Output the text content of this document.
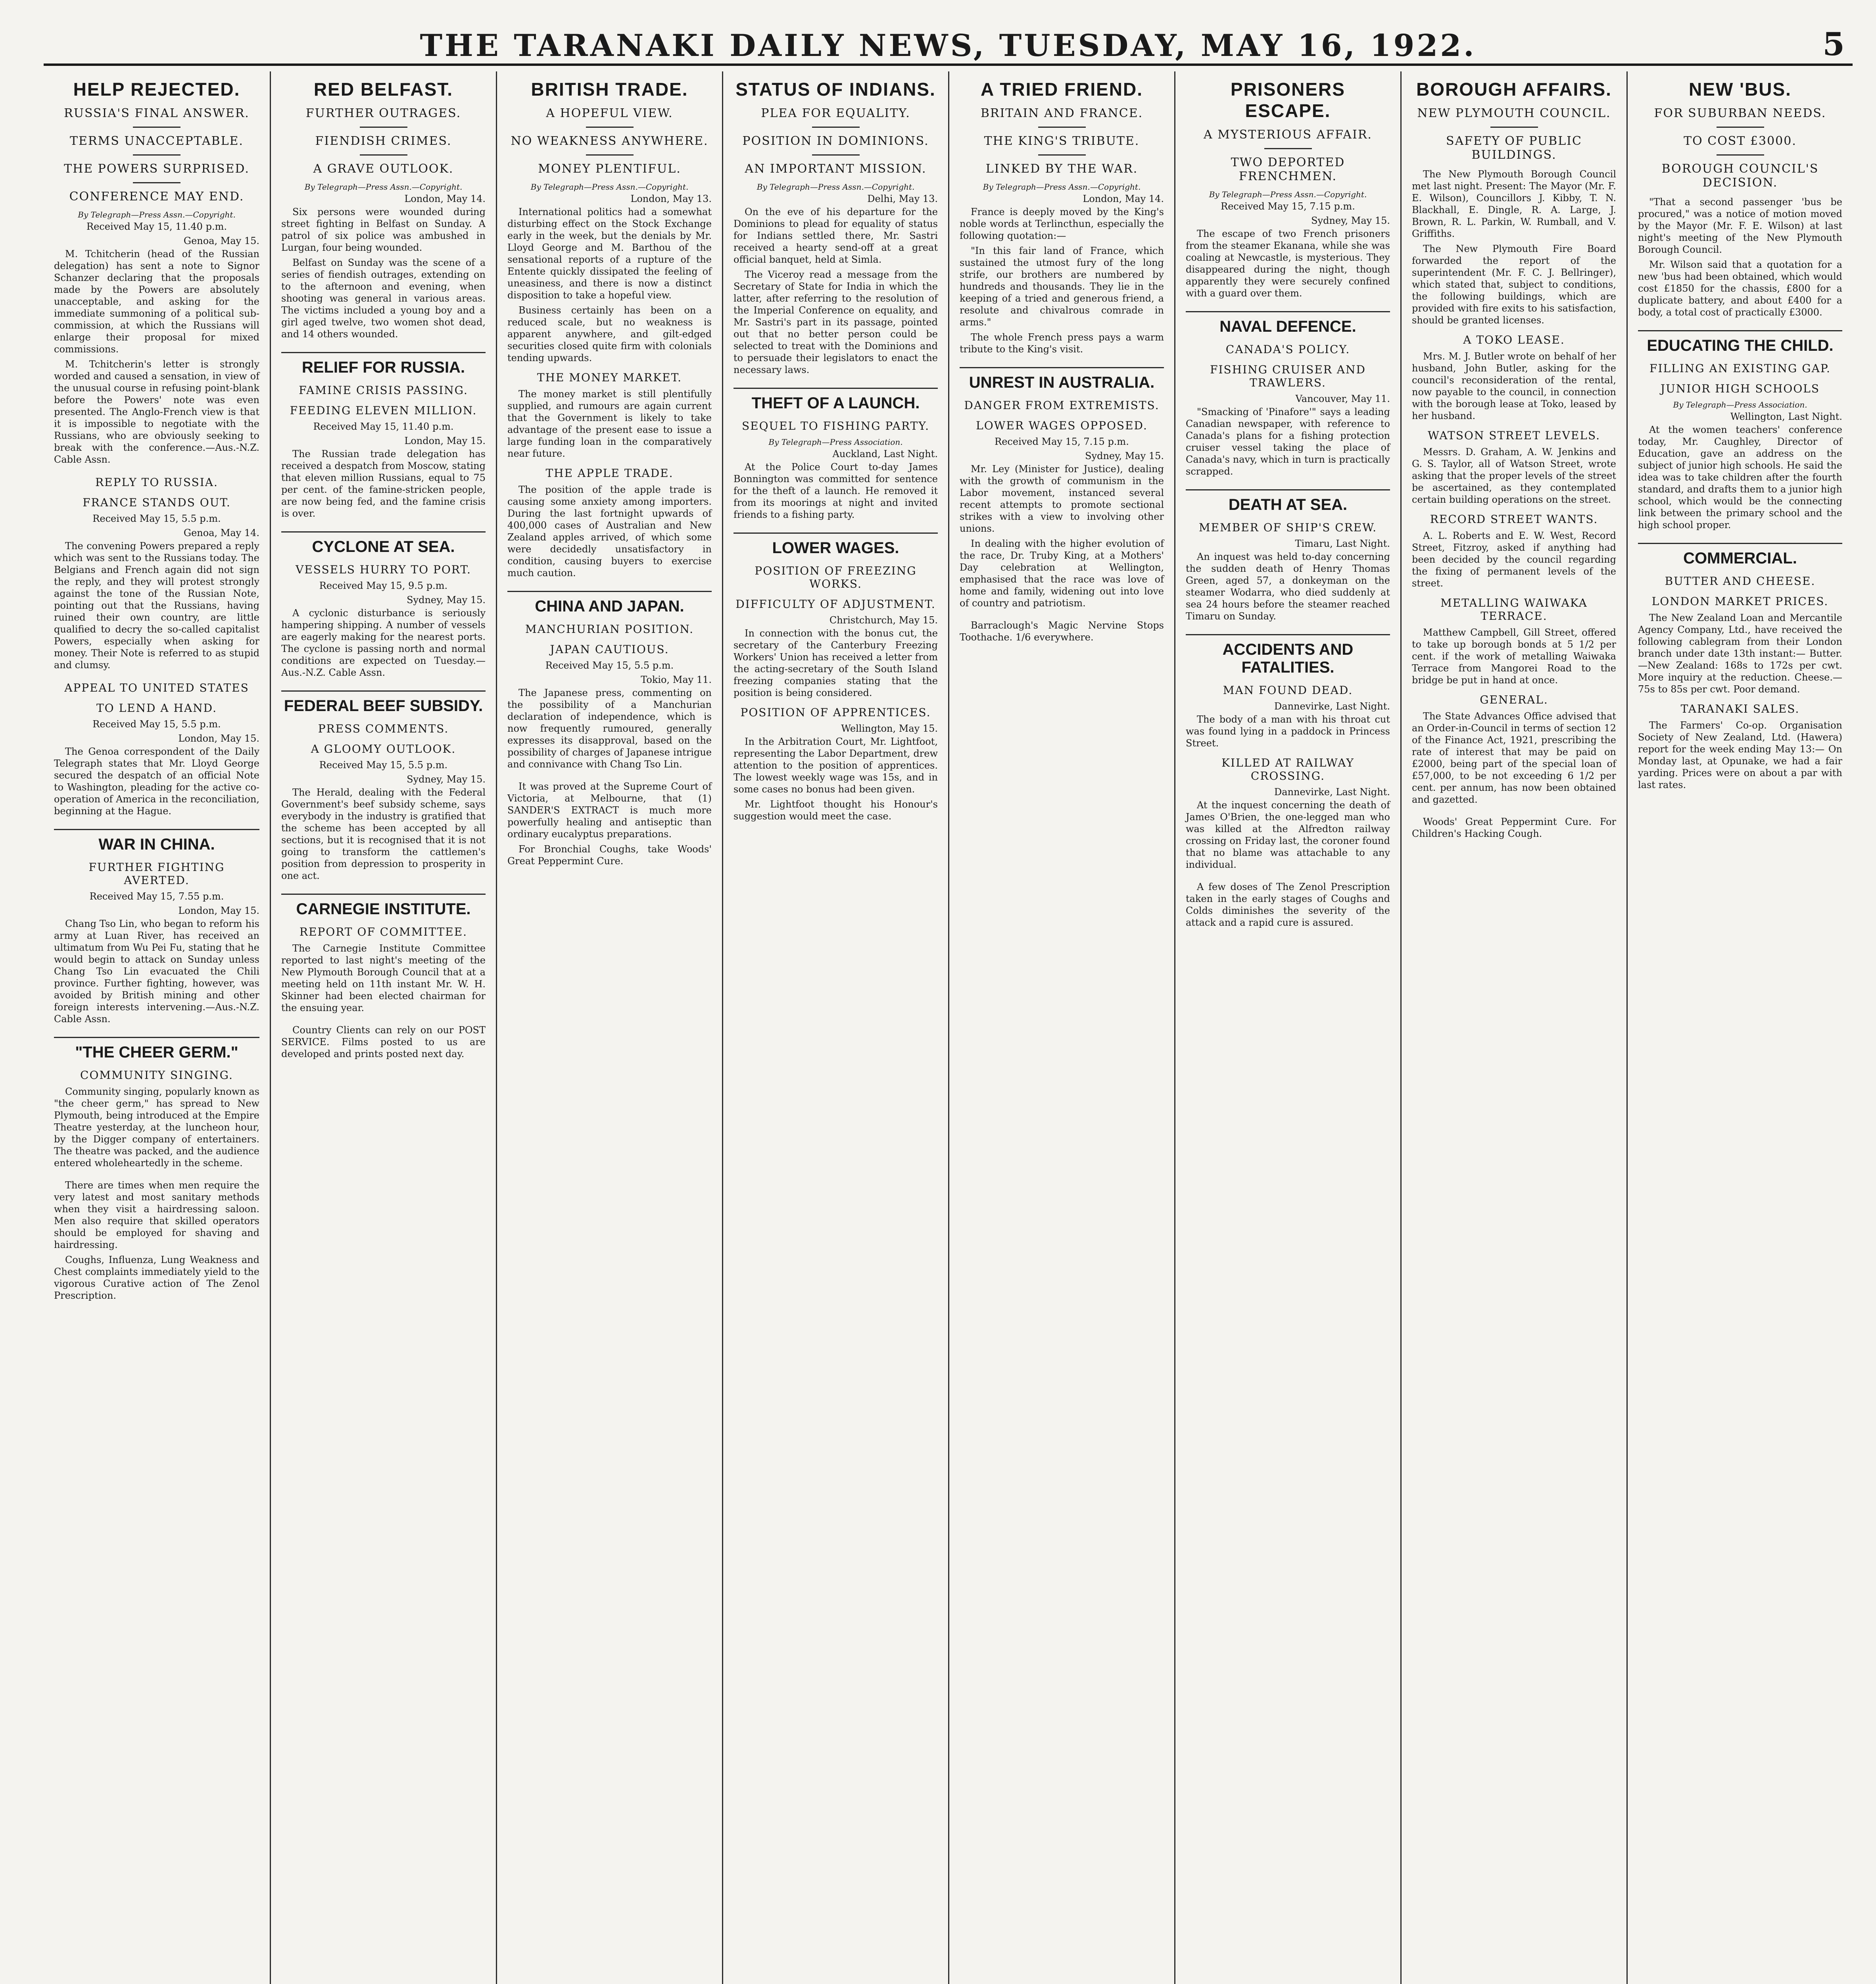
THE TARANAKI DAILY NEWS, TUESDAY, MAY 16, 1922.	5
HELP REJECTED.
RUSSIA'S FINAL ANSWER.
TERMS UNACCEPTABLE.
THE POWERS SURPRISED.
CONFERENCE MAY END.
By Telegraph—Press Assn.—Copyright.
Received May 15, 11.40 p.m.
Genoa, May 15.

M. Tchitcherin (head of the Russian delegation) has sent a note to Signor Schanzer declaring that the proposals made by the Powers are absolutely unacceptable, and asking for the immediate summoning of a political sub-commission, at which the Russians will enlarge their proposal for mixed commissions.

M. Tchitcherin's letter is strongly worded and caused a sensation, in view of the unusual course in refusing point-blank before the Powers' note was even presented. The Anglo-French view is that it is impossible to negotiate with the Russians, who are obviously seeking to break with the conference.—Aus.-N.Z. Cable Assn.

REPLY TO RUSSIA.
FRANCE STANDS OUT.
Received May 15, 5.5 p.m.
Genoa, May 14.

The convening Powers prepared a reply which was sent to the Russians today. The Belgians and French again did not sign the reply, and they will protest strongly against the tone of the Russian Note, pointing out that the Russians, having ruined their own country, are little qualified to decry the so-called capitalist Powers, especially when asking for money. Their Note is referred to as stupid and clumsy.

APPEAL TO UNITED STATES
TO LEND A HAND.
Received May 15, 5.5 p.m.
London, May 15.

The Genoa correspondent of the Daily Telegraph states that Mr. Lloyd George secured the despatch of an official Note to Washington, pleading for the active co-operation of America in the reconciliation, beginning at the Hague.

WAR IN CHINA.
FURTHER FIGHTING AVERTED.
Received May 15, 7.55 p.m.
London, May 15.

Chang Tso Lin, who began to reform his army at Luan River, has received an ultimatum from Wu Pei Fu, stating that he would begin to attack on Sunday unless Chang Tso Lin evacuated the Chili province. Further fighting, however, was avoided by British mining and other foreign interests intervening.—Aus.-N.Z. Cable Assn.

"THE CHEER GERM."
COMMUNITY SINGING.

Community singing, popularly known as "the cheer germ," has spread to New Plymouth, being introduced at the Empire Theatre yesterday, at the luncheon hour, by the Digger company of entertainers. The theatre was packed, and the audience entered wholeheartedly in the scheme.

There are times when men require the very latest and most sanitary methods when they visit a hairdressing saloon. Men also require that skilled operators should be employed for shaving and hairdressing.

Coughs, Influenza, Lung Weakness and Chest complaints immediately yield to the vigorous Curative action of The Zenol Prescription.

RED BELFAST.
FURTHER OUTRAGES.
FIENDISH CRIMES.
A GRAVE OUTLOOK.
By Telegraph—Press Assn.—Copyright.
London, May 14.

Six persons were wounded during street fighting in Belfast on Sunday. A patrol of six police was ambushed in Lurgan, four being wounded.

Belfast on Sunday was the scene of a series of fiendish outrages, extending on to the afternoon and evening, when shooting was general in various areas. The victims included a young boy and a girl aged twelve, two women shot dead, and 14 others wounded.

RELIEF FOR RUSSIA.
FAMINE CRISIS PASSING.
FEEDING ELEVEN MILLION.
Received May 15, 11.40 p.m.
London, May 15.

The Russian trade delegation has received a despatch from Moscow, stating that eleven million Russians, equal to 75 per cent. of the famine-stricken people, are now being fed, and the famine crisis is over.

CYCLONE AT SEA.
VESSELS HURRY TO PORT.
Received May 15, 9.5 p.m.
Sydney, May 15.

A cyclonic disturbance is seriously hampering shipping. A number of vessels are eagerly making for the nearest ports. The cyclone is passing north and normal conditions are expected on Tuesday.—Aus.-N.Z. Cable Assn.

FEDERAL BEEF SUBSIDY.
PRESS COMMENTS.
A GLOOMY OUTLOOK.
Received May 15, 5.5 p.m.
Sydney, May 15.

The Herald, dealing with the Federal Government's beef subsidy scheme, says everybody in the industry is gratified that the scheme has been accepted by all sections, but it is recognised that it is not going to transform the cattlemen's position from depression to prosperity in one act.

CARNEGIE INSTITUTE.
REPORT OF COMMITTEE.

The Carnegie Institute Committee reported to last night's meeting of the New Plymouth Borough Council that at a meeting held on 11th instant Mr. W. H. Skinner had been elected chairman for the ensuing year.

Country Clients can rely on our POST SERVICE. Films posted to us are developed and prints posted next day.

BRITISH TRADE.
A HOPEFUL VIEW.
NO WEAKNESS ANYWHERE.
MONEY PLENTIFUL.
By Telegraph—Press Assn.—Copyright.
London, May 13.

International politics had a somewhat disturbing effect on the Stock Exchange early in the week, but the denials by Mr. Lloyd George and M. Barthou of the sensational reports of a rupture of the Entente quickly dissipated the feeling of uneasiness, and there is now a distinct disposition to take a hopeful view.

Business certainly has been on a reduced scale, but no weakness is apparent anywhere, and gilt-edged securities closed quite firm with colonials tending upwards.

THE MONEY MARKET.

The money market is still plentifully supplied, and rumours are again current that the Government is likely to take advantage of the present ease to issue a large funding loan in the comparatively near future.

THE APPLE TRADE.

The position of the apple trade is causing some anxiety among importers. During the last fortnight upwards of 400,000 cases of Australian and New Zealand apples arrived, of which some were decidedly unsatisfactory in condition, causing buyers to exercise much caution.

CHINA AND JAPAN.
MANCHURIAN POSITION.
JAPAN CAUTIOUS.
Received May 15, 5.5 p.m.
Tokio, May 11.

The Japanese press, commenting on the possibility of a Manchurian declaration of independence, which is now frequently rumoured, generally expresses its disapproval, based on the possibility of charges of Japanese intrigue and connivance with Chang Tso Lin.

It was proved at the Supreme Court of Victoria, at Melbourne, that (1) SANDER'S EXTRACT is much more powerfully healing and antiseptic than ordinary eucalyptus preparations.

For Bronchial Coughs, take Woods' Great Peppermint Cure.

STATUS OF INDIANS.
PLEA FOR EQUALITY.
POSITION IN DOMINIONS.
AN IMPORTANT MISSION.
By Telegraph—Press Assn.—Copyright.
Delhi, May 13.

On the eve of his departure for the Dominions to plead for equality of status for Indians settled there, Mr. Sastri received a hearty send-off at a great official banquet, held at Simla.

The Viceroy read a message from the Secretary of State for India in which the latter, after referring to the resolution of the Imperial Conference on equality, and Mr. Sastri's part in its passage, pointed out that no better person could be selected to treat with the Dominions and to persuade their legislators to enact the necessary laws.

THEFT OF A LAUNCH.
SEQUEL TO FISHING PARTY.
By Telegraph—Press Association.
Auckland, Last Night.

At the Police Court to-day James Bonnington was committed for sentence for the theft of a launch. He removed it from its moorings at night and invited friends to a fishing party.

LOWER WAGES.
POSITION OF FREEZING WORKS.
DIFFICULTY OF ADJUSTMENT.
Christchurch, May 15.

In connection with the bonus cut, the secretary of the Canterbury Freezing Workers' Union has received a letter from the acting-secretary of the South Island freezing companies stating that the position is being considered.

POSITION OF APPRENTICES.
Wellington, May 15.

In the Arbitration Court, Mr. Lightfoot, representing the Labor Department, drew attention to the position of apprentices. The lowest weekly wage was 15s, and in some cases no bonus had been given.

Mr. Lightfoot thought his Honour's suggestion would meet the case.

A TRIED FRIEND.
BRITAIN AND FRANCE.
THE KING'S TRIBUTE.
LINKED BY THE WAR.
By Telegraph—Press Assn.—Copyright.
London, May 14.

France is deeply moved by the King's noble words at Terlincthun, especially the following quotation:—

"In this fair land of France, which sustained the utmost fury of the long strife, our brothers are numbered by hundreds and thousands. They lie in the keeping of a tried and generous friend, a resolute and chivalrous comrade in arms."

The whole French press pays a warm tribute to the King's visit.

UNREST IN AUSTRALIA.
DANGER FROM EXTREMISTS.
LOWER WAGES OPPOSED.
Received May 15, 7.15 p.m.
Sydney, May 15.

Mr. Ley (Minister for Justice), dealing with the growth of communism in the Labor movement, instanced several recent attempts to promote sectional strikes with a view to involving other unions.

In dealing with the higher evolution of the race, Dr. Truby King, at a Mothers' Day celebration at Wellington, emphasised that the race was love of home and family, widening out into love of country and patriotism.

Barraclough's Magic Nervine Stops Toothache. 1/6 everywhere.

PRISONERS ESCAPE.
A MYSTERIOUS AFFAIR.
TWO DEPORTED FRENCHMEN.
By Telegraph—Press Assn.—Copyright.
Received May 15, 7.15 p.m.
Sydney, May 15.

The escape of two French prisoners from the steamer Ekanana, while she was coaling at Newcastle, is mysterious. They disappeared during the night, though apparently they were securely confined with a guard over them.

NAVAL DEFENCE.
CANADA'S POLICY.
FISHING CRUISER AND TRAWLERS.
Vancouver, May 11.

"Smacking of 'Pinafore'" says a leading Canadian newspaper, with reference to Canada's plans for a fishing protection cruiser vessel taking the place of Canada's navy, which in turn is practically scrapped.

DEATH AT SEA.
MEMBER OF SHIP'S CREW.
Timaru, Last Night.

An inquest was held to-day concerning the sudden death of Henry Thomas Green, aged 57, a donkeyman on the steamer Wodarra, who died suddenly at sea 24 hours before the steamer reached Timaru on Sunday.

ACCIDENTS AND FATALITIES.
MAN FOUND DEAD.
Dannevirke, Last Night.

The body of a man with his throat cut was found lying in a paddock in Princess Street.

KILLED AT RAILWAY CROSSING.
Dannevirke, Last Night.

At the inquest concerning the death of James O'Brien, the one-legged man who was killed at the Alfredton railway crossing on Friday last, the coroner found that no blame was attachable to any individual.

A few doses of The Zenol Prescription taken in the early stages of Coughs and Colds diminishes the severity of the attack and a rapid cure is assured.

BOROUGH AFFAIRS.
NEW PLYMOUTH COUNCIL.
SAFETY OF PUBLIC BUILDINGS.

The New Plymouth Borough Council met last night. Present: The Mayor (Mr. F. E. Wilson), Councillors J. Kibby, T. N. Blackhall, E. Dingle, R. A. Large, J. Brown, R. L. Parkin, W. Rumball, and V. Griffiths.

The New Plymouth Fire Board forwarded the report of the superintendent (Mr. F. C. J. Bellringer), which stated that, subject to conditions, the following buildings, which are provided with fire exits to his satisfaction, should be granted licenses.

A TOKO LEASE.

Mrs. M. J. Butler wrote on behalf of her husband, John Butler, asking for the council's reconsideration of the rental, now payable to the council, in connection with the borough lease at Toko, leased by her husband.

WATSON STREET LEVELS.

Messrs. D. Graham, A. W. Jenkins and G. S. Taylor, all of Watson Street, wrote asking that the proper levels of the street be ascertained, as they contemplated certain building operations on the street.

RECORD STREET WANTS.

A. L. Roberts and E. W. West, Record Street, Fitzroy, asked if anything had been decided by the council regarding the fixing of permanent levels of the street.

METALLING WAIWAKA TERRACE.

Matthew Campbell, Gill Street, offered to take up borough bonds at 5 1/2 per cent. if the work of metalling Waiwaka Terrace from Mangorei Road to the bridge be put in hand at once.

GENERAL.

The State Advances Office advised that an Order-in-Council in terms of section 12 of the Finance Act, 1921, prescribing the rate of interest that may be paid on £2000, being part of the special loan of £57,000, to be not exceeding 6 1/2 per cent. per annum, has now been obtained and gazetted.

Woods' Great Peppermint Cure. For Children's Hacking Cough.

NEW 'BUS.
FOR SUBURBAN NEEDS.
TO COST £3000.
BOROUGH COUNCIL'S DECISION.

"That a second passenger 'bus be procured," was a notice of motion moved by the Mayor (Mr. F. E. Wilson) at last night's meeting of the New Plymouth Borough Council.

Mr. Wilson said that a quotation for a new 'bus had been obtained, which would cost £1850 for the chassis, £800 for a duplicate battery, and about £400 for a body, a total cost of practically £3000.

EDUCATING THE CHILD.
FILLING AN EXISTING GAP.
JUNIOR HIGH SCHOOLS
By Telegraph—Press Association.
Wellington, Last Night.

At the women teachers' conference today, Mr. Caughley, Director of Education, gave an address on the subject of junior high schools. He said the idea was to take children after the fourth standard, and drafts them to a junior high school, which would be the connecting link between the primary school and the high school proper.

COMMERCIAL.
BUTTER AND CHEESE.
LONDON MARKET PRICES.

The New Zealand Loan and Mercantile Agency Company, Ltd., have received the following cablegram from their London branch under date 13th instant:— Butter.—New Zealand: 168s to 172s per cwt. More inquiry at the reduction. Cheese.—75s to 85s per cwt. Poor demand.

TARANAKI SALES.

The Farmers' Co-op. Organisation Society of New Zealand, Ltd. (Hawera) report for the week ending May 13:— On Monday last, at Opunake, we had a fair yarding. Prices were on about a par with last rates.
